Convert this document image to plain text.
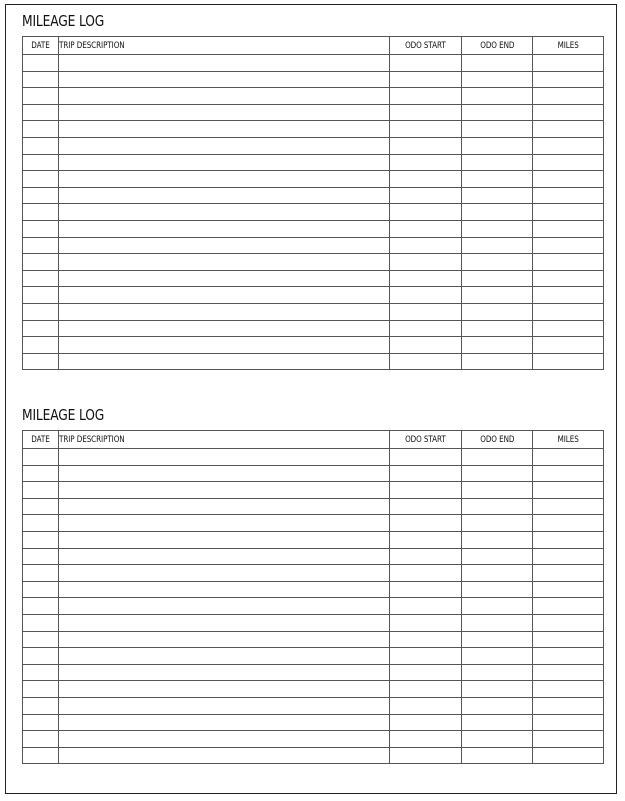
MILEAGE LOG
DATE	TRIP DESCRIPTION	ODO START	ODO END	MILES

MILEAGE LOG
DATE	TRIP DESCRIPTION	ODO START	ODO END	MILES
